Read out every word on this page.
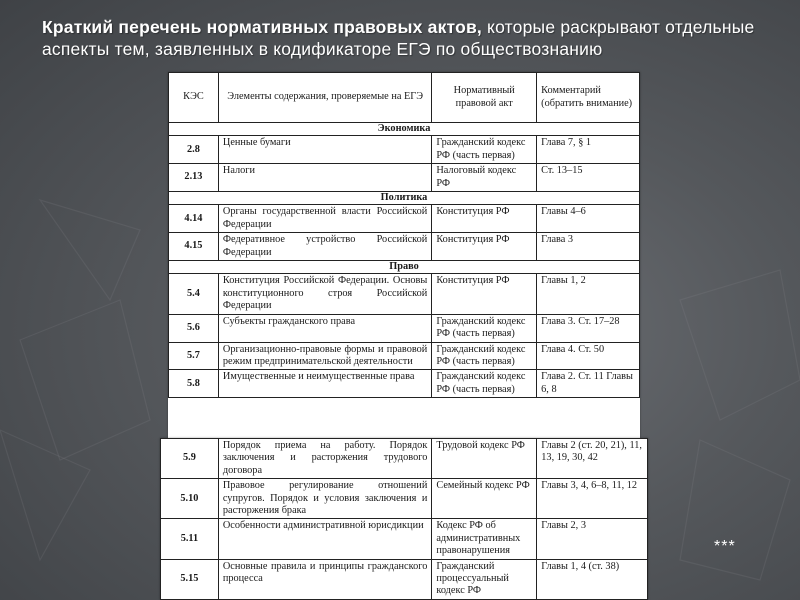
Краткий перечень нормативных правовых актов, которые раскрывают отдельные аспекты тем, заявленных в кодификаторе ЕГЭ по обществознанию
КЭС	Элементы содержания, проверяемые на ЕГЭ	Нормативный правовой акт	Комментарий (обратить внимание)
Экономика			
2.8	Ценные бумаги	Гражданский кодекс РФ (часть первая)	Глава 7, § 1
2.13	Налоги	Налоговый кодекс РФ	Ст. 13–15
Политика			
4.14	Органы государственной власти Российской Федерации	Конституция РФ	Главы 4–6
4.15	Федеративное устройство Российской Федерации	Конституция РФ	Глава 3
Право			
5.4	Конституция Российской Федерации. Основы конституционного строя Российской Федерации	Конституция РФ	Главы 1, 2
5.6	Субъекты гражданского права	Гражданский кодекс РФ (часть первая)	Глава 3. Ст. 17–28
5.7	Организационно-правовые формы и правовой режим предпринимательской деятельности	Гражданский кодекс РФ (часть первая)	Глава 4. Ст. 50
5.8	Имущественные и неимущественные права	Гражданский кодекс РФ (часть первая)	Глава 2. Ст. 11 Главы 6, 8
5.9	Порядок приема на работу. Порядок заключения и расторжения трудового договора	Трудовой кодекс РФ	Главы 2 (ст. 20, 21), 11, 13, 19, 30, 42
5.10	Правовое регулирование отношений супругов. Порядок и условия заключения и расторжения брака	Семейный кодекс РФ	Главы 3, 4, 6–8, 11, 12
5.11	Особенности административной юрисдикции	Кодекс РФ об административных правонарушения	Главы 2, 3
5.15	Основные правила и принципы гражданского процесса	Гражданский процессуальный кодекс РФ	Главы 1, 4 (ст. 38)
***
